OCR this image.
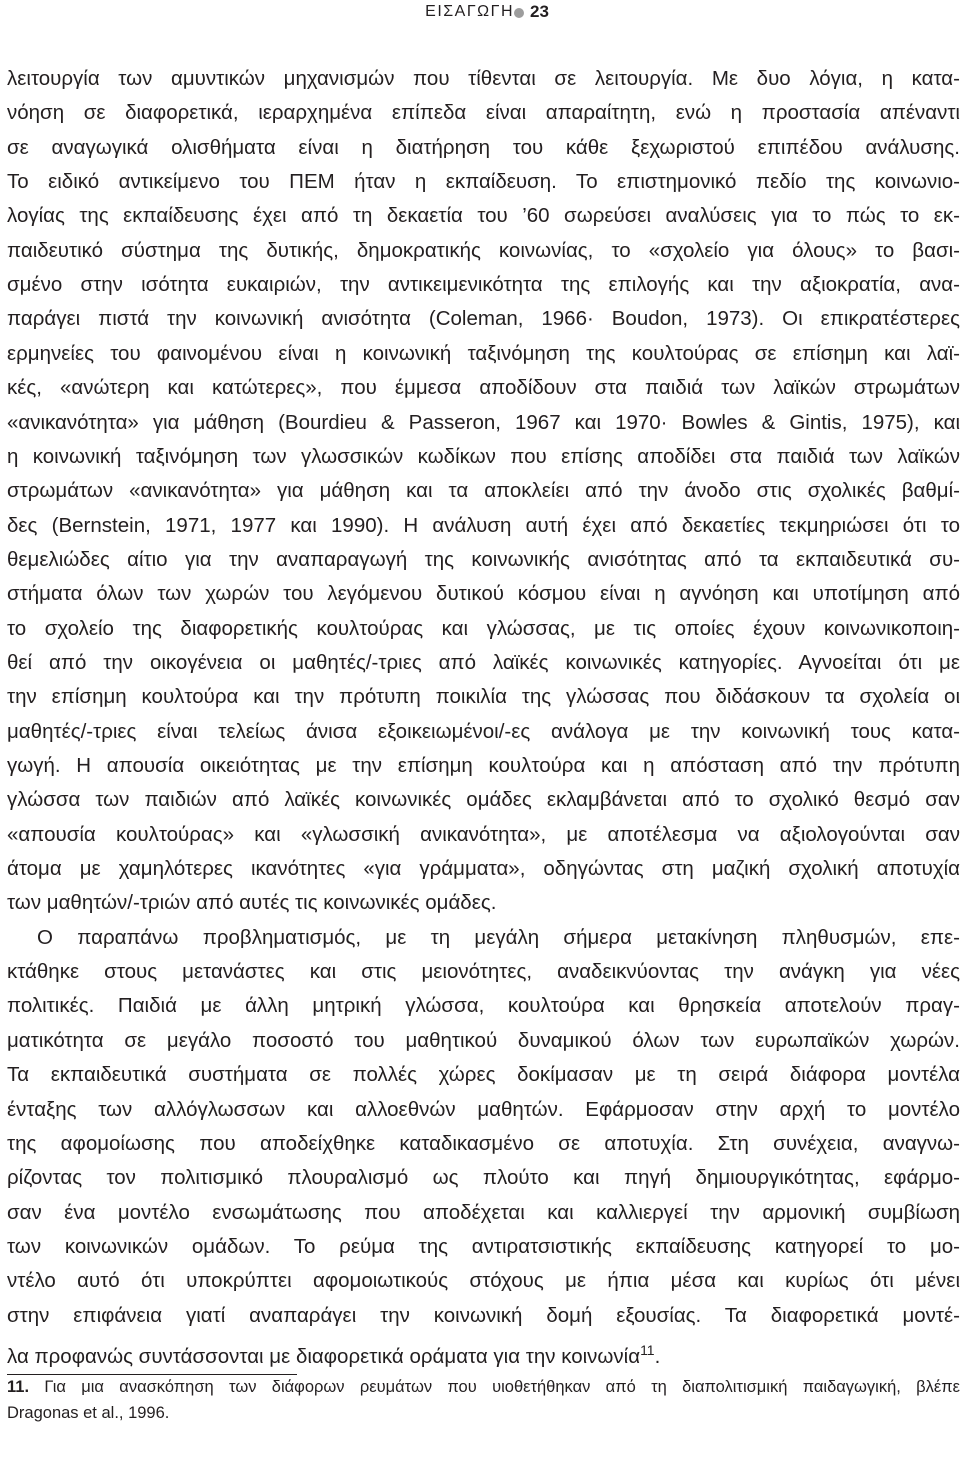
ΕΙΣΑΓΩΓΗ 23
λειτουργία των αμυντικών μηχανισμών που τίθενται σε λειτουργία. Με δυο λόγια, η κατα-
νόηση σε διαφορετικά, ιεραρχημένα επίπεδα είναι απαραίτητη, ενώ η προστασία απέναντι
σε αναγωγικά ολισθήματα είναι η διατήρηση του κάθε ξεχωριστού επιπέδου ανάλυσης.
Το ειδικό αντικείμενο του ΠΕΜ ήταν η εκπαίδευση. Το επιστημονικό πεδίο της κοινωνιο-
λογίας της εκπαίδευσης έχει από τη δεκαετία του ’60 σωρεύσει αναλύσεις για το πώς το εκ-
παιδευτικό σύστημα της δυτικής, δημοκρατικής κοινωνίας, το «σχολείο για όλους» το βασι-
σμένο στην ισότητα ευκαιριών, την αντικειμενικότητα της επιλογής και την αξιοκρατία, ανα-
παράγει πιστά την κοινωνική ανισότητα (Coleman, 1966· Boudon, 1973). Οι επικρατέστερες
ερμηνείες του φαινομένου είναι η κοινωνική ταξινόμηση της κουλτούρας σε επίσημη και λαϊ-
κές, «ανώτερη και κατώτερες», που έμμεσα αποδίδουν στα παιδιά των λαϊκών στρωμάτων
«ανικανότητα» για μάθηση (Bourdieu & Passeron, 1967 και 1970· Bowles & Gintis, 1975), και
η κοινωνική ταξινόμηση των γλωσσικών κωδίκων που επίσης αποδίδει στα παιδιά των λαϊκών
στρωμάτων «ανικανότητα» για μάθηση και τα αποκλείει από την άνοδο στις σχολικές βαθμί-
δες (Bernstein, 1971, 1977 και 1990). Η ανάλυση αυτή έχει από δεκαετίες τεκμηριώσει ότι το
θεμελιώδες αίτιο για την αναπαραγωγή της κοινωνικής ανισότητας από τα εκπαιδευτικά συ-
στήματα όλων των χωρών του λεγόμενου δυτικού κόσμου είναι η αγνόηση και υποτίμηση από
το σχολείο της διαφορετικής κουλτούρας και γλώσσας, με τις οποίες έχουν κοινωνικοποιη-
θεί από την οικογένεια οι μαθητές/-τριες από λαϊκές κοινωνικές κατηγορίες. Αγνοείται ότι με
την επίσημη κουλτούρα και την πρότυπη ποικιλία της γλώσσας που διδάσκουν τα σχολεία οι
μαθητές/-τριες είναι τελείως άνισα εξοικειωμένοι/-ες ανάλογα με την κοινωνική τους κατα-
γωγή. Η απουσία οικειότητας με την επίσημη κουλτούρα και η απόσταση από την πρότυπη
γλώσσα των παιδιών από λαϊκές κοινωνικές ομάδες εκλαμβάνεται από το σχολικό θεσμό σαν
«απουσία κουλτούρας» και «γλωσσική ανικανότητα», με αποτέλεσμα να αξιολογούνται σαν
άτομα με χαμηλότερες ικανότητες «για γράμματα», οδηγώντας στη μαζική σχολική αποτυχία
των μαθητών/-τριών από αυτές τις κοινωνικές ομάδες.
Ο παραπάνω προβληματισμός, με τη μεγάλη σήμερα μετακίνηση πληθυσμών, επε-
κτάθηκε στους μετανάστες και στις μειονότητες, αναδεικνύοντας την ανάγκη για νέες
πολιτικές. Παιδιά με άλλη μητρική γλώσσα, κουλτούρα και θρησκεία αποτελούν πραγ-
ματικότητα σε μεγάλο ποσοστό του μαθητικού δυναμικού όλων των ευρωπαϊκών χωρών.
Τα εκπαιδευτικά συστήματα σε πολλές χώρες δοκίμασαν με τη σειρά διάφορα μοντέλα
ένταξης των αλλόγλωσσων και αλλοεθνών μαθητών. Εφάρμοσαν στην αρχή το μοντέλο
της αφομοίωσης που αποδείχθηκε καταδικασμένο σε αποτυχία. Στη συνέχεια, αναγνω-
ρίζοντας τον πολιτισμικό πλουραλισμό ως πλούτο και πηγή δημιουργικότητας, εφάρμο-
σαν ένα μοντέλο ενσωμάτωσης που αποδέχεται και καλλιεργεί την αρμονική συμβίωση
των κοινωνικών ομάδων. Το ρεύμα της αντιρατσιστικής εκπαίδευσης κατηγορεί το μο-
ντέλο αυτό ότι υποκρύπτει αφομοιωτικούς στόχους με ήπια μέσα και κυρίως ότι μένει
στην επιφάνεια γιατί αναπαράγει την κοινωνική δομή εξουσίας. Τα διαφορετικά μοντέ-
λα προφανώς συντάσσονται με διαφορετικά οράματα για την κοινωνία$^{11}$.
11. Για μια ανασκόπηση των διάφορων ρευμάτων που υιοθετήθηκαν από τη διαπολιτισμική παιδαγωγική, βλέπε
Dragonas et al., 1996.
